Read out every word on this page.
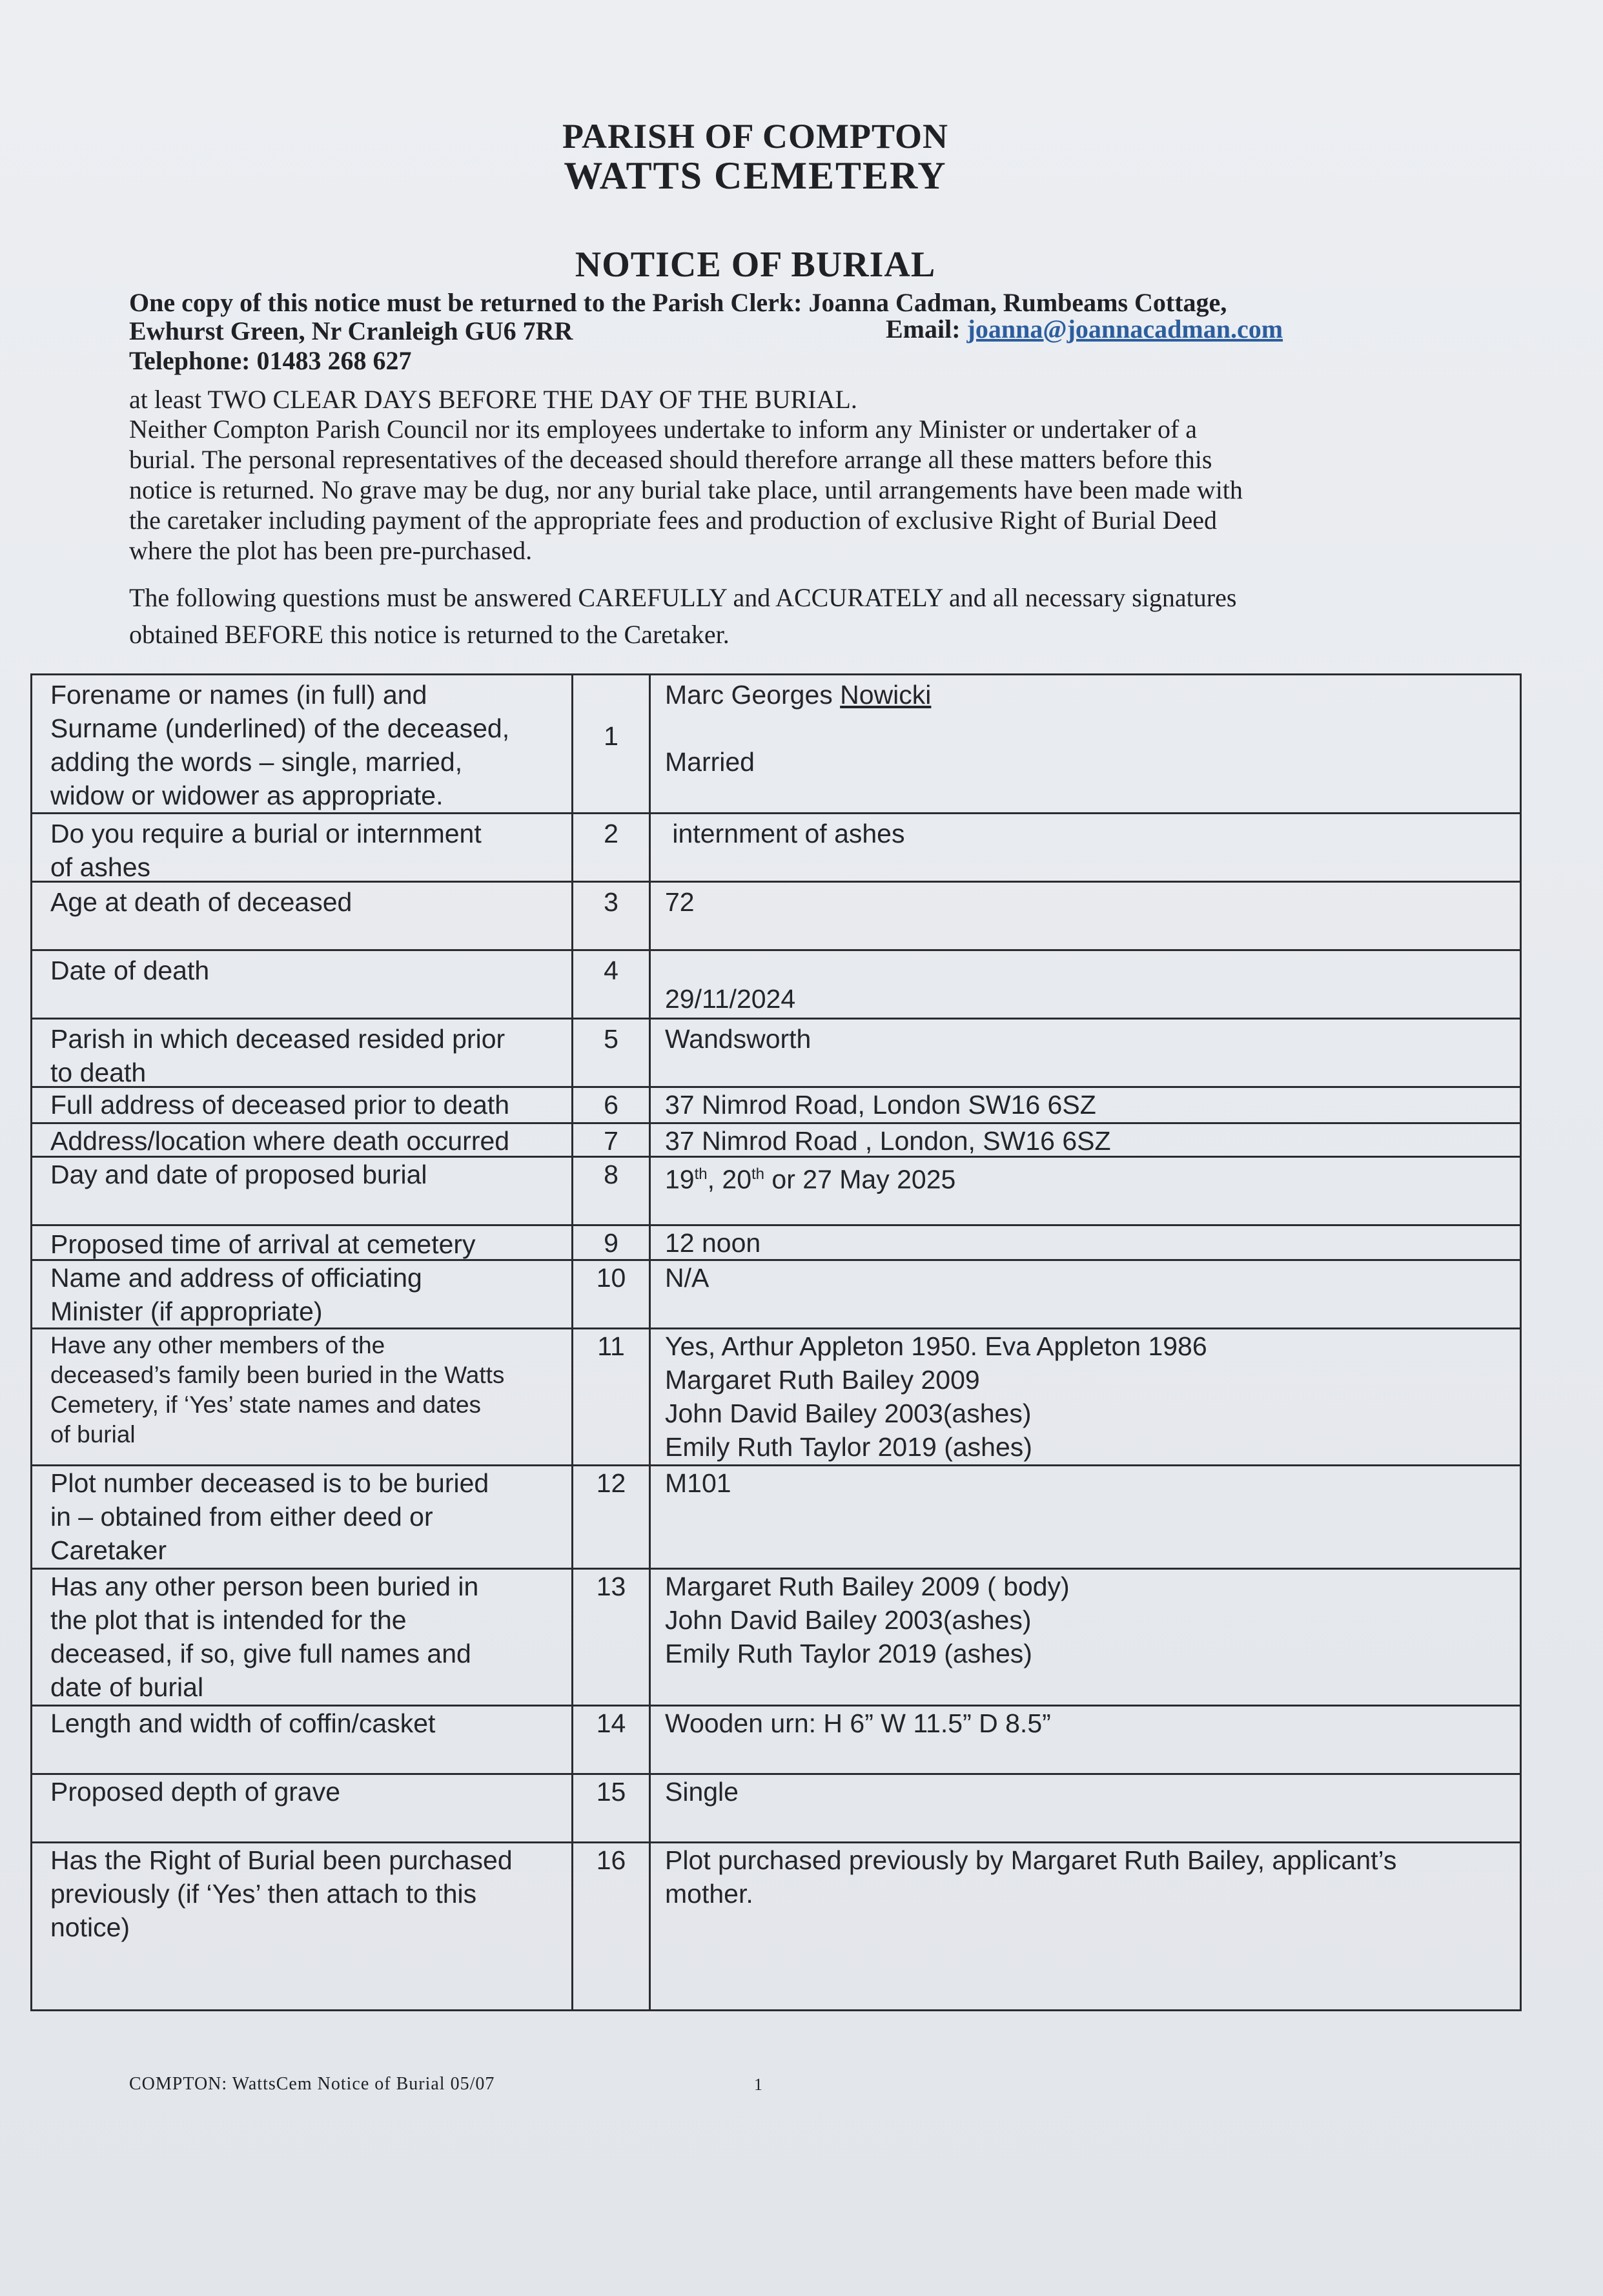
PARISH OF COMPTON
WATTS CEMETERY
NOTICE OF BURIAL
One copy of this notice must be returned to the Parish Clerk: Joanna Cadman, Rumbeams Cottage,
Ewhurst Green, Nr Cranleigh GU6 7RR	Email: joanna@joannacadman.com
Telephone: 01483 268 627
at least TWO CLEAR DAYS BEFORE THE DAY OF THE BURIAL.
Neither Compton Parish Council nor its employees undertake to inform any Minister or undertaker of a
burial. The personal representatives of the deceased should therefore arrange all these matters before this
notice is returned. No grave may be dug, nor any burial take place, until arrangements have been made with
the caretaker including payment of the appropriate fees and production of exclusive Right of Burial Deed
where the plot has been pre-purchased.
The following questions must be answered CAREFULLY and ACCURATELY and all necessary signatures
obtained BEFORE this notice is returned to the Caretaker.
Forename or names (in full) and
Surname (underlined) of the deceased,
adding the words – single, married,
widow or widower as appropriate.
1
Marc Georges Nowicki
Married
Do you require a burial or internment
of ashes
2	internment of ashes
Age at death of deceased	3	72
Date of death	4
29/11/2024
Parish in which deceased resided prior
to death
5	Wandsworth
Full address of deceased prior to death	6	37 Nimrod Road, London SW16 6SZ
Address/location where death occurred	7	37 Nimrod Road , London, SW16 6SZ
Day and date of proposed burial	8	19th, 20th or 27 May 2025
Proposed time of arrival at cemetery	9	12 noon
Name and address of officiating
Minister (if appropriate)
10	N/A
Have any other members of the
deceased’s family been buried in the Watts
Cemetery, if ‘Yes’ state names and dates
of burial
11	Yes, Arthur Appleton 1950. Eva Appleton 1986
Margaret Ruth Bailey 2009
John David Bailey 2003(ashes)
Emily Ruth Taylor 2019 (ashes)
Plot number deceased is to be buried
in – obtained from either deed or
Caretaker
12	M101
Has any other person been buried in
the plot that is intended for the
deceased, if so, give full names and
date of burial
13	Margaret Ruth Bailey 2009 ( body)
John David Bailey 2003(ashes)
Emily Ruth Taylor 2019 (ashes)
Length and width of coffin/casket	14	Wooden urn: H 6” W 11.5” D 8.5”
Proposed depth of grave	15	Single
Has the Right of Burial been purchased
previously (if ‘Yes’ then attach to this
notice)
16	Plot purchased previously by Margaret Ruth Bailey, applicant’s
mother.
COMPTON: WattsCem Notice of Burial 05/07	1
